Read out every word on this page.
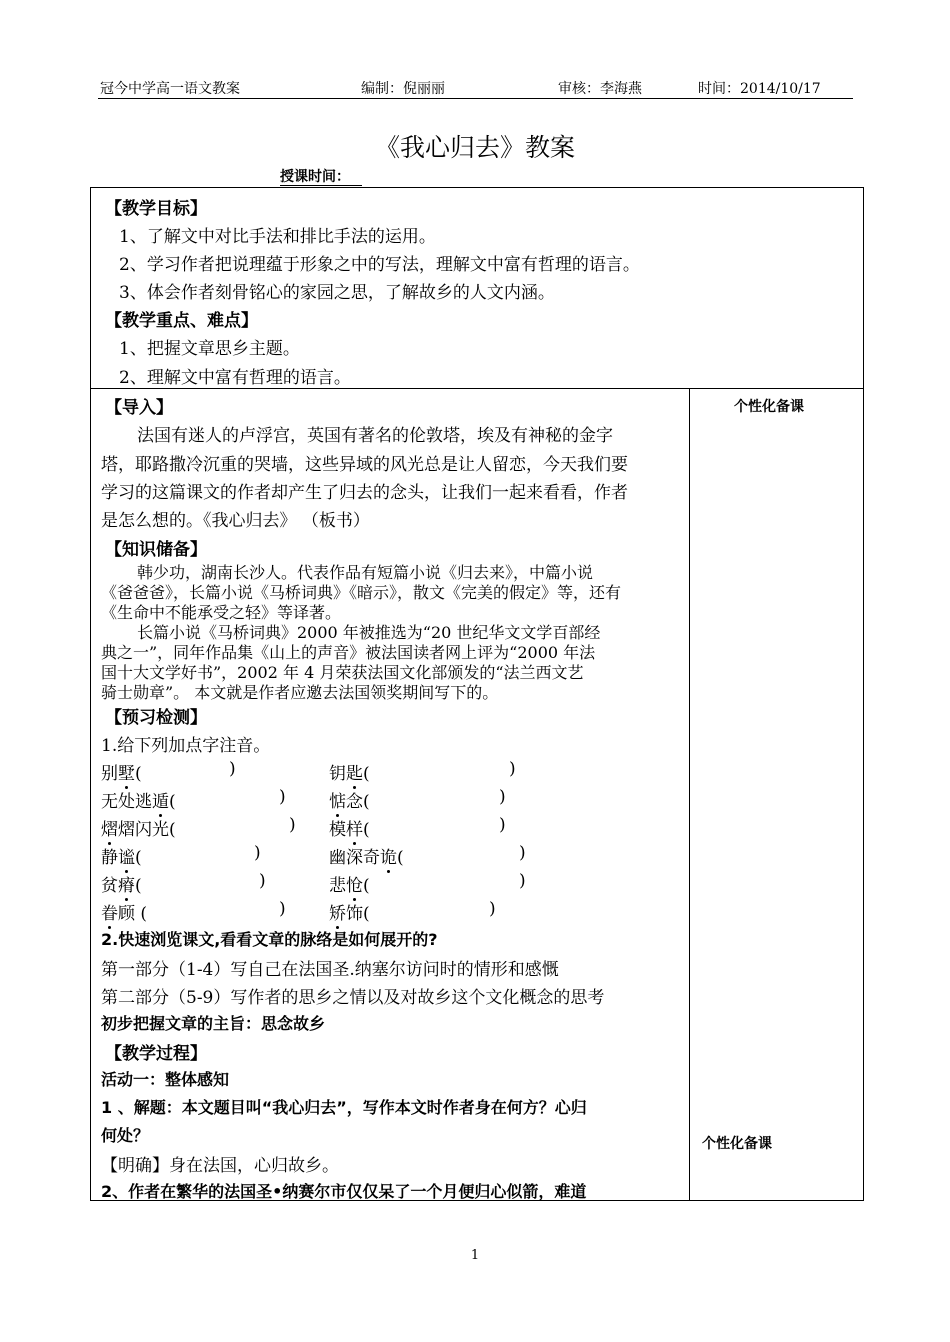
冠今中学高一语文教案	编制：倪丽丽	审核：李海燕	时间：2014/10/17
《我心归去》教案
授课时间：
【教学目标】
1、了解文中对比手法和排比手法的运用。
2、学习作者把说理蕴于形象之中的写法，理解文中富有哲理的语言。
3、体会作者刻骨铭心的家园之思，了解故乡的人文内涵。
【教学重点、难点】
1、把握文章思乡主题。
2、理解文中富有哲理的语言。
个性化备课
个性化备课
【导入】
法国有迷人的卢浮宫，英国有著名的伦敦塔，埃及有神秘的金字
塔，耶路撒冷沉重的哭墙，这些异域的风光总是让人留恋，今天我们要
学习的这篇课文的作者却产生了归去的念头，让我们一起来看看，作者
是怎么想的。《我心归去》 （板书）
【知识储备】
韩少功，湖南长沙人。代表作品有短篇小说《归去来》，中篇小说
《爸爸爸》，长篇小说《马桥词典》《暗示》，散文《完美的假定》等，还有
《生命中不能承受之轻》等译著。
长篇小说《马桥词典》2000 年被推选为“20 世纪华文文学百部经
典之一”，同年作品集《山上的声音》被法国读者网上评为“2000 年法
国十大文学好书”，2002 年 4 月荣获法国文化部颁发的“法兰西文艺
骑士勋章”。 本文就是作者应邀去法国领奖期间写下的。
【预习检测】
1.给下列加点字注音。
别墅(	)	钥匙(	)
无处逃遁(	)	惦念(	)
熠熠闪光(	) 模样(	)
静谧(	)	幽深奇诡(	)
贫瘠(	)	悲怆(	)
眷顾 (	)	矫饰(	)
2.快速浏览课文,看看文章的脉络是如何展开的?
第一部分（1-4）写自己在法国圣.纳塞尔访问时的情形和感慨
第二部分（5-9）写作者的思乡之情以及对故乡这个文化概念的思考
初步把握文章的主旨：思念故乡
【教学过程】
活动一：整体感知
1 、解题：本文题目叫“我心归去”，写作本文时作者身在何方？心归
何处？
【明确】身在法国，心归故乡。
2、作者在繁华的法国圣•纳赛尔市仅仅呆了一个月便归心似箭，难道
1
